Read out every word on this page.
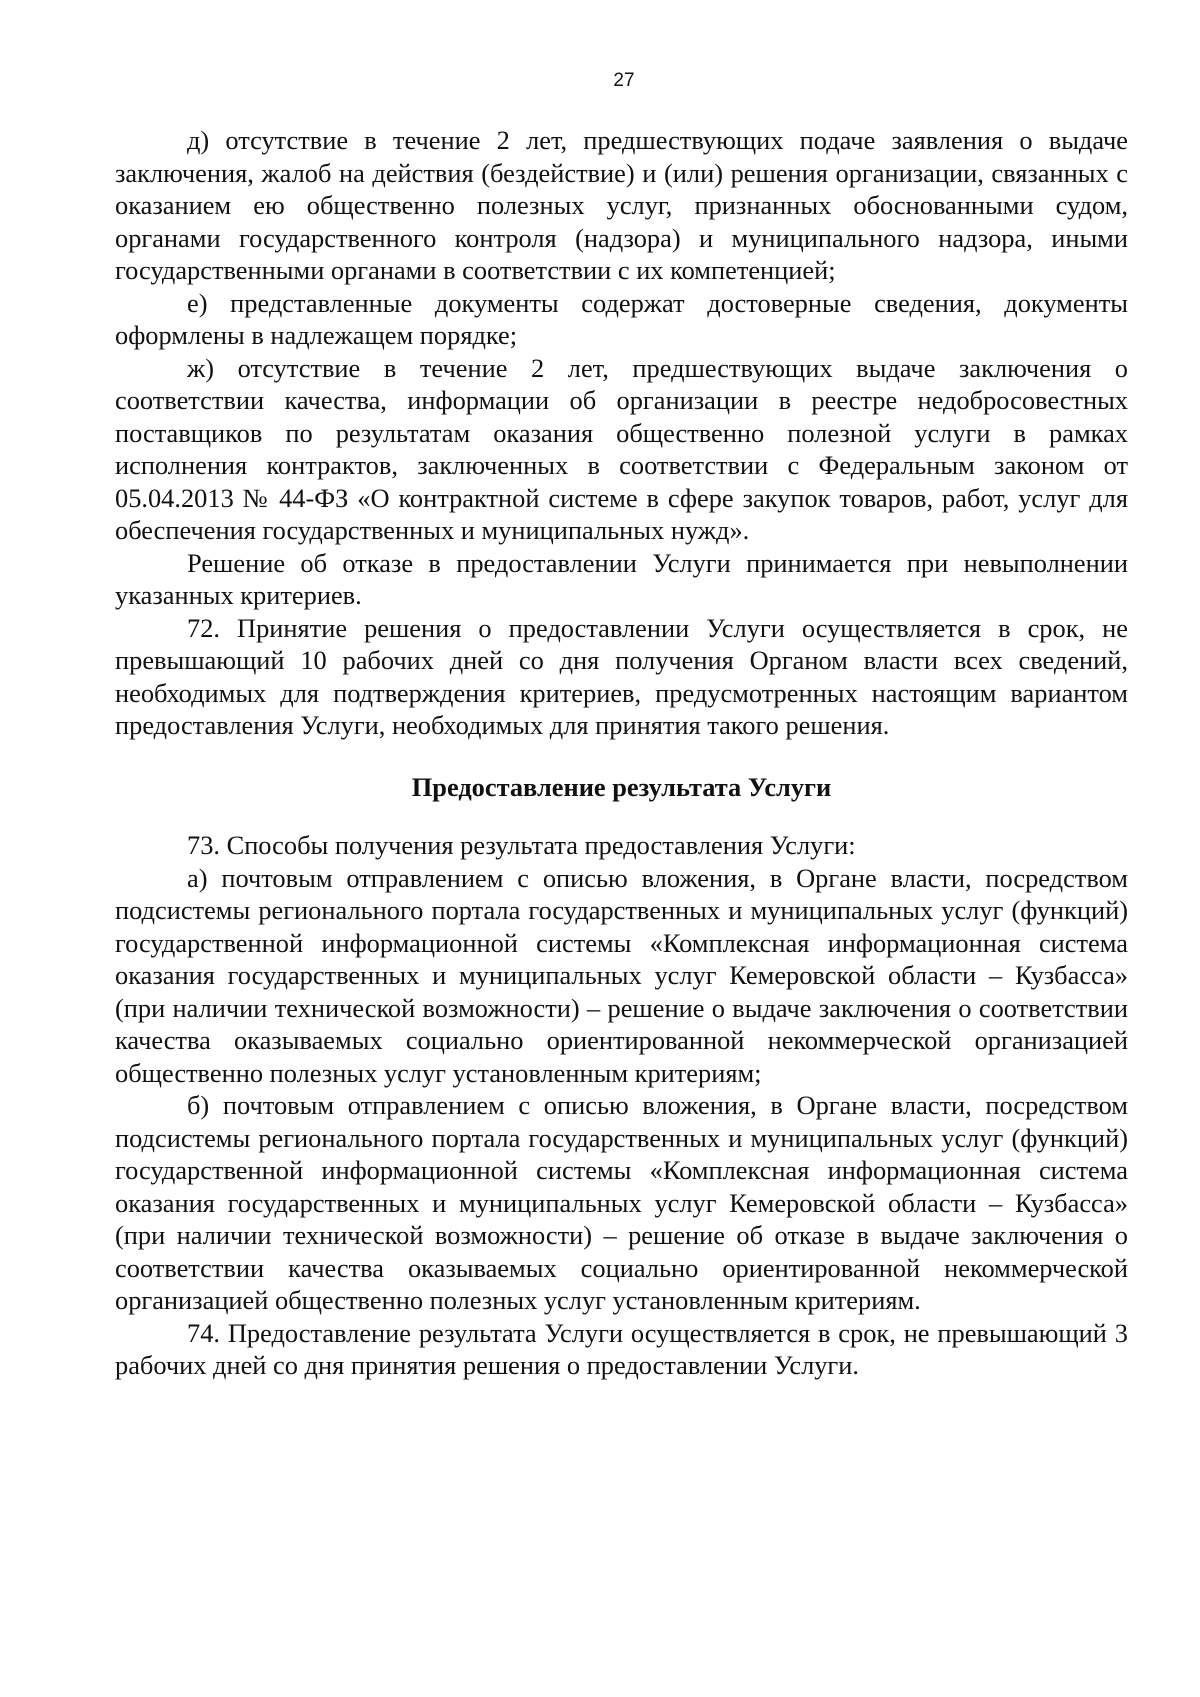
27

д) отсутствие в течение 2 лет, предшествующих подаче заявления о выдаче заключения, жалоб на действия (бездействие) и (или) решения организации, связанных с оказанием ею общественно полезных услуг, признанных обоснованными судом, органами государственного контроля (надзора) и муниципального надзора, иными государственными органами в соответствии с их компетенцией;

е) представленные документы содержат достоверные сведения, документы оформлены в надлежащем порядке;

ж) отсутствие в течение 2 лет, предшествующих выдаче заключения о соответствии качества, информации об организации в реестре недобросовестных поставщиков по результатам оказания общественно полезной услуги в рамках исполнения контрактов, заключенных в соответствии с Федеральным законом от 05.04.2013 № 44-ФЗ «О контрактной системе в сфере закупок товаров, работ, услуг для обеспечения государственных и муниципальных нужд».

Решение об отказе в предоставлении Услуги принимается при невыполнении указанных критериев.

72. Принятие решения о предоставлении Услуги осуществляется в срок, не превышающий 10 рабочих дней со дня получения Органом власти всех сведений, необходимых для подтверждения критериев, предусмотренных настоящим вариантом предоставления Услуги, необходимых для принятия такого решения.

Предоставление результата Услуги

73. Способы получения результата предоставления Услуги:

а) почтовым отправлением с описью вложения, в Органе власти, посредством подсистемы регионального портала государственных и муниципальных услуг (функций) государственной информационной системы «Комплексная информационная система оказания государственных и муниципальных услуг Кемеровской области – Кузбасса» (при наличии технической возможности) – решение о выдаче заключения о соответствии качества оказываемых социально ориентированной некоммерческой организацией общественно полезных услуг установленным критериям;

б) почтовым отправлением с описью вложения, в Органе власти, посредством подсистемы регионального портала государственных и муниципальных услуг (функций) государственной информационной системы «Комплексная информационная система оказания государственных и муниципальных услуг Кемеровской области – Кузбасса» (при наличии технической возможности) – решение об отказе в выдаче заключения о соответствии качества оказываемых социально ориентированной некоммерческой организацией общественно полезных услуг установленным критериям.

74. Предоставление результата Услуги осуществляется в срок, не превышающий 3 рабочих дней со дня принятия решения о предоставлении Услуги.
